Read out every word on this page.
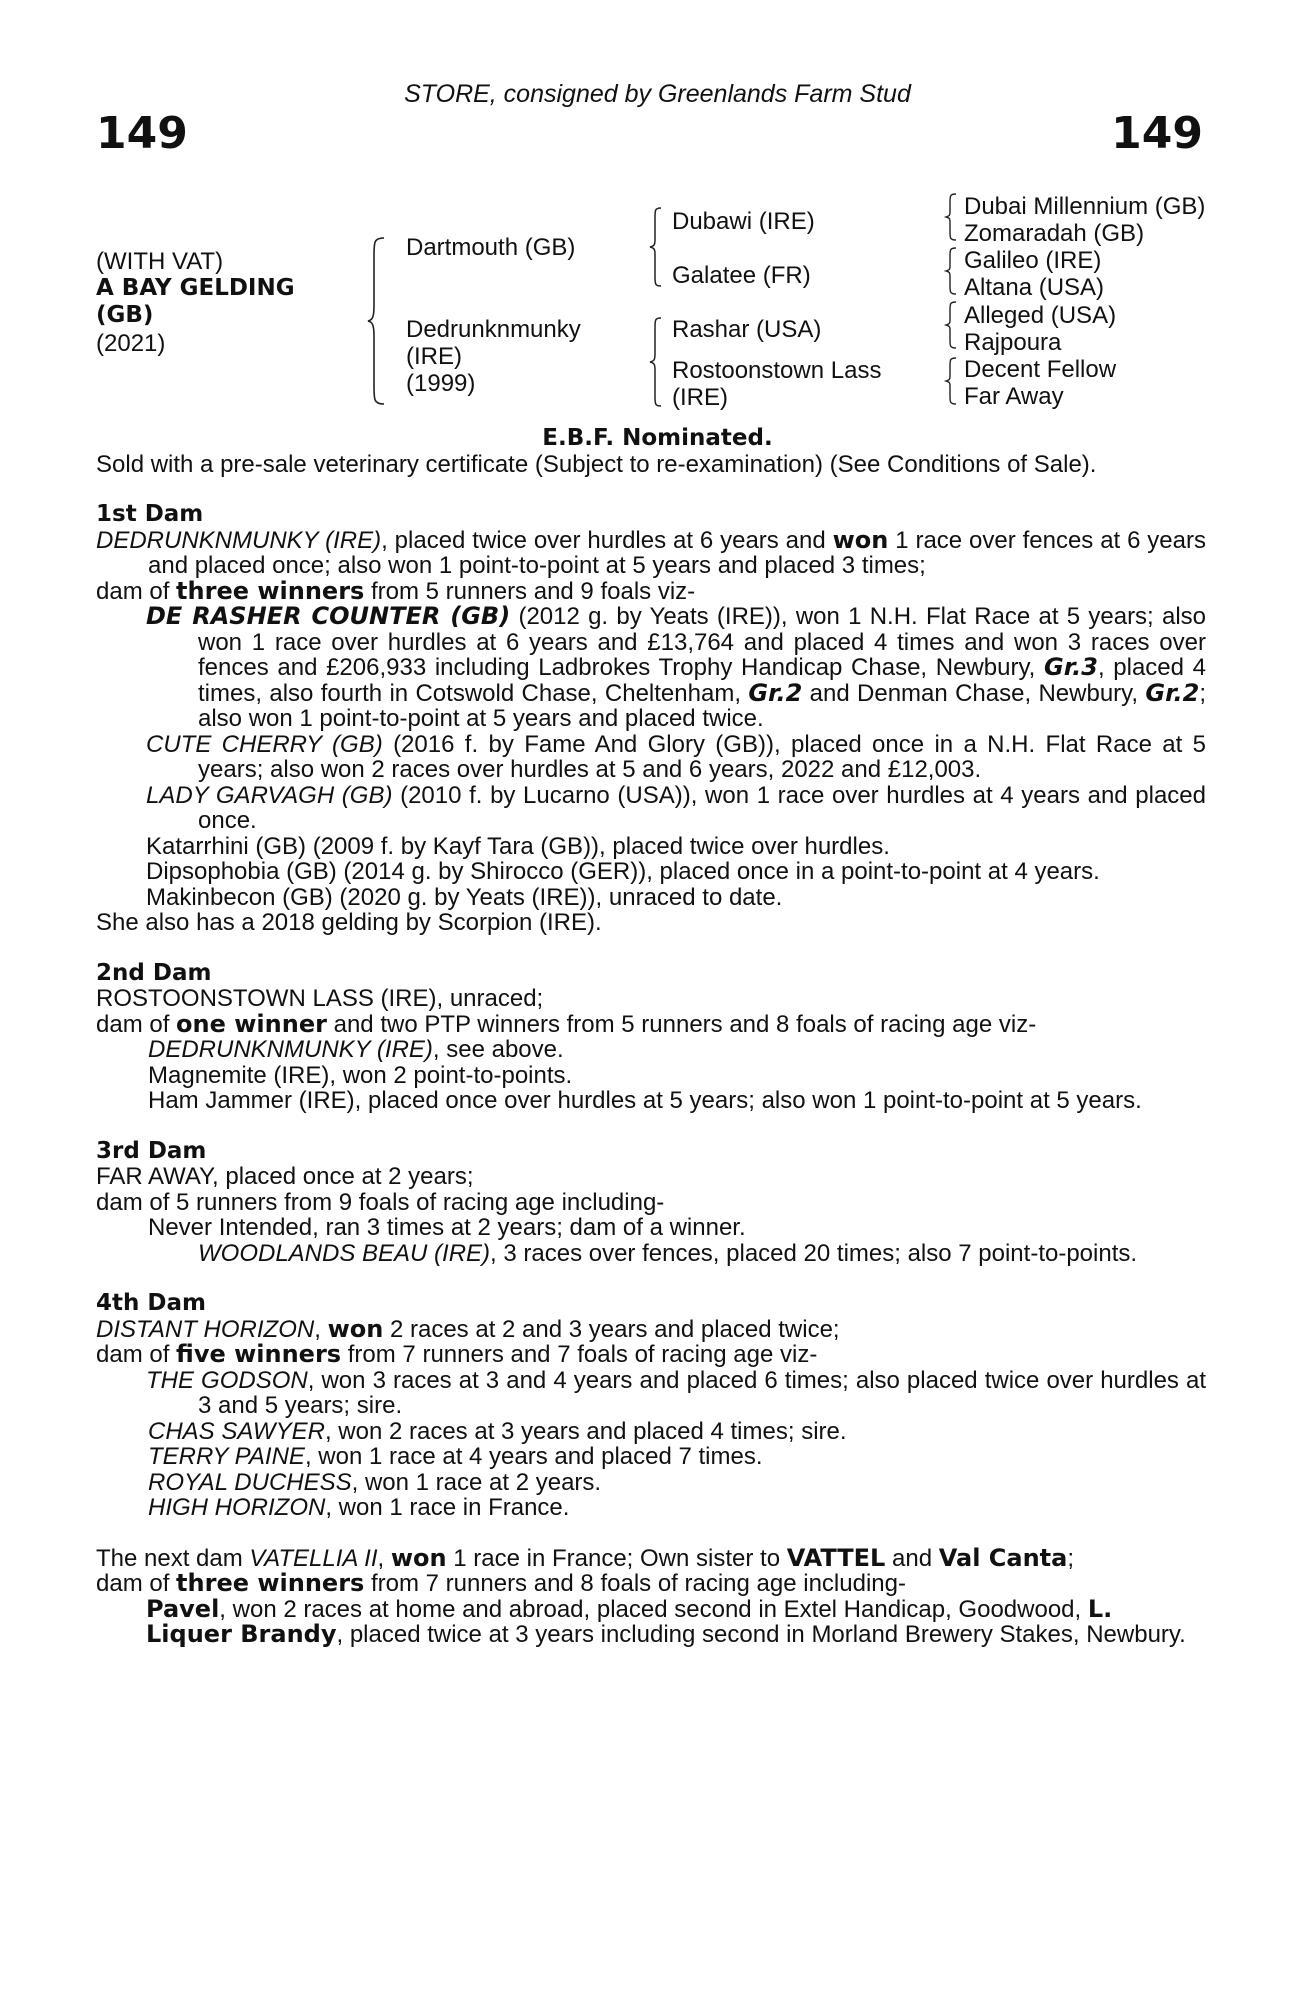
149	149
STORE, consigned by Greenlands Farm Stud
(WITH VAT)
A BAY GELDING
(GB)
(2021)
Dartmouth (GB)
Dedrunknmunky
(IRE)
(1999)
Dubawi (IRE)
Galatee (FR)
Rashar (USA)
Rostoonstown Lass
(IRE)
Dubai Millennium (GB)
Zomaradah (GB)
Galileo (IRE)
Altana (USA)
Alleged (USA)
Rajpoura
Decent Fellow
Far Away
E.B.F. Nominated.
Sold with a pre-sale veterinary certificate (Subject to re-examination) (See Conditions of Sale).

1st Dam

DEDRUNKNMUNKY (IRE), placed twice over hurdles at 6 years and won 1 race over fences at 6 years and placed once; also won 1 point-to-point at 5 years and placed 3 times;

dam of three winners from 5 runners and 9 foals viz-

DE RASHER COUNTER (GB) (2012 g. by Yeats (IRE)), won 1 N.H. Flat Race at 5 years; also won 1 race over hurdles at 6 years and £13,764 and placed 4 times and won 3 races over fences and £206,933 including Ladbrokes Trophy Handicap Chase, Newbury, Gr.3, placed 4 times, also fourth in Cotswold Chase, Cheltenham, Gr.2 and Denman Chase, Newbury, Gr.2; also won 1 point-to-point at 5 years and placed twice.

CUTE CHERRY (GB) (2016 f. by Fame And Glory (GB)), placed once in a N.H. Flat Race at 5 years; also won 2 races over hurdles at 5 and 6 years, 2022 and £12,003.

LADY GARVAGH (GB) (2010 f. by Lucarno (USA)), won 1 race over hurdles at 4 years and placed once.

Katarrhini (GB) (2009 f. by Kayf Tara (GB)), placed twice over hurdles.

Dipsophobia (GB) (2014 g. by Shirocco (GER)), placed once in a point-to-point at 4 years.

Makinbecon (GB) (2020 g. by Yeats (IRE)), unraced to date.

She also has a 2018 gelding by Scorpion (IRE).

2nd Dam

ROSTOONSTOWN LASS (IRE), unraced;

dam of one winner and two PTP winners from 5 runners and 8 foals of racing age viz-

DEDRUNKNMUNKY (IRE), see above.

Magnemite (IRE), won 2 point-to-points.

Ham Jammer (IRE), placed once over hurdles at 5 years; also won 1 point-to-point at 5 years.

3rd Dam

FAR AWAY, placed once at 2 years;

dam of 5 runners from 9 foals of racing age including-

Never Intended, ran 3 times at 2 years; dam of a winner.

WOODLANDS BEAU (IRE), 3 races over fences, placed 20 times; also 7 point-to-points.

4th Dam

DISTANT HORIZON, won 2 races at 2 and 3 years and placed twice;

dam of five winners from 7 runners and 7 foals of racing age viz-

THE GODSON, won 3 races at 3 and 4 years and placed 6 times; also placed twice over hurdles at 3 and 5 years; sire.

CHAS SAWYER, won 2 races at 3 years and placed 4 times; sire.

TERRY PAINE, won 1 race at 4 years and placed 7 times.

ROYAL DUCHESS, won 1 race at 2 years.

HIGH HORIZON, won 1 race in France.

The next dam VATELLIA II, won 1 race in France; Own sister to VATTEL and Val Canta;

dam of three winners from 7 runners and 8 foals of racing age including-

Pavel, won 2 races at home and abroad, placed second in Extel Handicap, Goodwood, L.

Liquer Brandy, placed twice at 3 years including second in Morland Brewery Stakes, Newbury.
